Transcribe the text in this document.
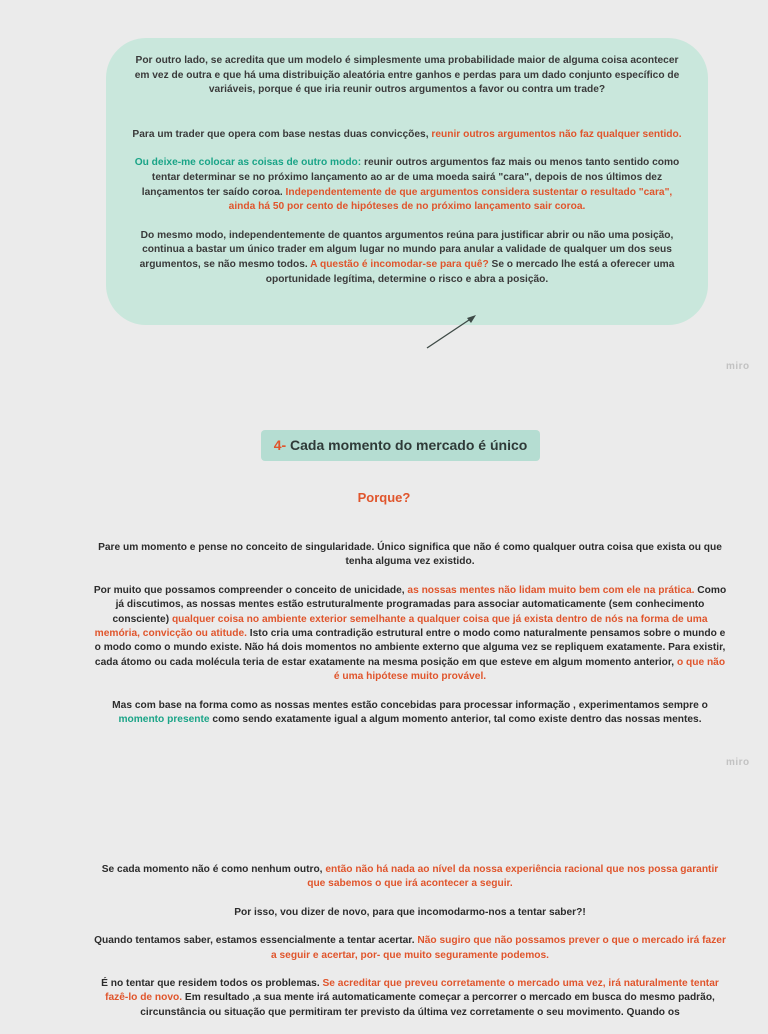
Por outro lado, se acredita que um modelo é simplesmente uma probabilidade maior de alguma coisa acontecer em vez de outra e que há uma distribuição aleatória entre ganhos e perdas para um dado conjunto específico de variáveis, porque é que iria reunir outros argumentos a favor ou contra um trade?

Para um trader que opera com base nestas duas convicções, reunir outros argumentos não faz qualquer sentido.

Ou deixe-me colocar as coisas de outro modo: reunir outros argumentos faz mais ou menos tanto sentido como tentar determinar se no próximo lançamento ao ar de uma moeda sairá "cara", depois de nos últimos dez lançamentos ter saído coroa. Independentemente de que argumentos considera sustentar o resultado "cara", ainda há 50 por cento de hipóteses de no próximo lançamento sair coroa.

Do mesmo modo, independentemente de quantos argumentos reúna para justificar abrir ou não uma posição, continua a bastar um único trader em algum lugar no mundo para anular a validade de qualquer um dos seus argumentos, se não mesmo todos. A questão é incomodar-se para quê? Se o mercado lhe está a oferecer uma oportunidade legítima, determine o risco e abra a posição.

miro
4- Cada momento do mercado é único
Porque?

Pare um momento e pense no conceito de singularidade. Único significa que não é como qualquer outra coisa que exista ou que tenha alguma vez existido.

Por muito que possamos compreender o conceito de unicidade, as nossas mentes não lidam muito bem com ele na prática. Como já discutimos, as nossas mentes estão estruturalmente programadas para associar automaticamente (sem conhecimento consciente) qualquer coisa no ambiente exterior semelhante a qualquer coisa que já exista dentro de nós na forma de uma memória, convicção ou atitude. Isto cria uma contradição estrutural entre o modo como naturalmente pensamos sobre o mundo e o modo como o mundo existe. Não há dois momentos no ambiente externo que alguma vez se repliquem exatamente. Para existir, cada átomo ou cada molécula teria de estar exatamente na mesma posição em que esteve em algum momento anterior, o que não é uma hipótese muito provável.

Mas com base na forma como as nossas mentes estão concebidas para processar informação , experimentamos sempre o momento presente como sendo exatamente igual a algum momento anterior, tal como existe dentro das nossas mentes.

miro

Se cada momento não é como nenhum outro, então não há nada ao nível da nossa experiência racional que nos possa garantir que sabemos o que irá acontecer a seguir.

Por isso, vou dizer de novo, para que incomodarmo-nos a tentar saber?!

Quando tentamos saber, estamos essencialmente a tentar acertar. Não sugiro que não possamos prever o que o mercado irá fazer a seguir e acertar, por- que muito seguramente podemos.

É no tentar que residem todos os problemas. Se acreditar que preveu corretamente o mercado uma vez, irá naturalmente tentar fazê-lo de novo. Em resultado ,a sua mente irá automaticamente começar a percorrer o mercado em busca do mesmo padrão, circunstância ou situação que permitiram ter previsto da última vez corretamente o seu movimento. Quando os
